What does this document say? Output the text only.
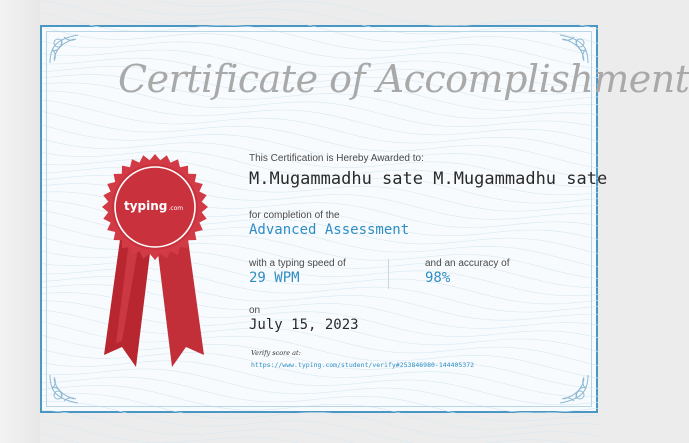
Certificate of Accomplishment
typing.com
This Certification is Hereby Awarded to:
M.Mugammadhu sate M.Mugammadhu sate
for completion of the
Advanced Assessment
with a typing speed of
29 WPM
and an accuracy of
98%
on
July 15, 2023
Verify score at:
https://www.typing.com/student/verify#253846980-144405372
